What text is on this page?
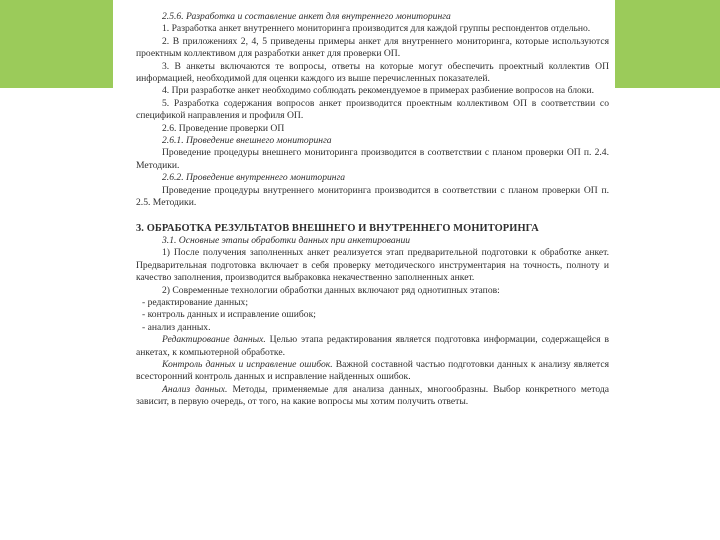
2.5.6. Разработка и составление анкет для внутреннего мониторинга

1. Разработка анкет внутреннего мониторинга производится для каждой группы респондентов отдельно.

2. В приложениях 2, 4, 5 приведены примеры анкет для внутреннего мониторинга, которые используются проектным коллективом для разработки анкет для проверки ОП.

3. В анкеты включаются те вопросы, ответы на которые могут обеспечить проектный коллектив ОП информацией, необходимой для оценки каждого из выше перечисленных показателей.

4. При разработке анкет необходимо соблюдать рекомендуемое в примерах разбиение вопросов на блоки.

5. Разработка содержания вопросов анкет производится проектным коллективом ОП в соответствии со спецификой направления и профиля ОП.

2.6. Проведение проверки ОП

2.6.1. Проведение внешнего мониторинга

Проведение процедуры внешнего мониторинга производится в соответствии с планом проверки ОП п. 2.4. Методики.

2.6.2. Проведение внутреннего мониторинга

Проведение процедуры внутреннего мониторинга производится в соответствии с планом проверки ОП п. 2.5. Методики.

3. ОБРАБОТКА РЕЗУЛЬТАТОВ ВНЕШНЕГО И ВНУТРЕННЕГО МОНИТОРИНГА

3.1. Основные этапы обработки данных при анкетировании

1) После получения заполненных анкет реализуется этап предварительной подготовки к обработке анкет. Предварительная подготовка включает в себя проверку методического инструментария на точность, полноту и качество заполнения, производится выбраковка некачественно заполненных анкет.

2) Современные технологии обработки данных включают ряд однотипных этапов:

- редактирование данных;

- контроль данных и исправление ошибок;

- анализ данных.

Редактирование данных. Целью этапа редактирования является подготовка информации, содержащейся в анкетах, к компьютерной обработке.

Контроль данных и исправление ошибок. Важной составной частью подготовки данных к анализу является всесторонний контроль данных и исправление найденных ошибок.

Анализ данных. Методы, применяемые для анализа данных, многообразны. Выбор конкретного метода зависит, в первую очередь, от того, на какие вопросы мы хотим получить ответы.
